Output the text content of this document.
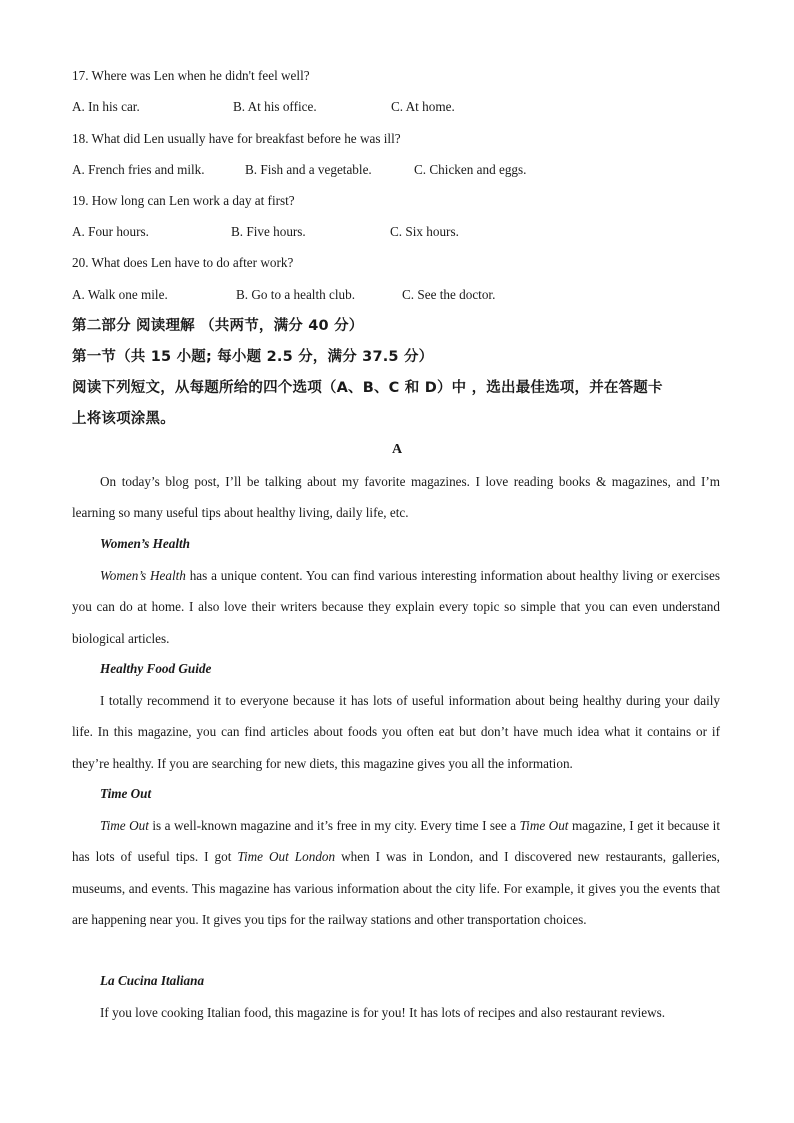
17. Where was Len when he didn't feel well?
A. In his car.	B. At his office.	C. At home.
18. What did Len usually have for breakfast before he was ill?
A. French fries and milk.	B. Fish and a vegetable.	C. Chicken and eggs.
19. How long can Len work a day at first?
A. Four hours.	B. Five hours.	C. Six hours.
20. What does Len have to do after work?
A. Walk one mile.	B. Go to a health club.	C. See the doctor.
第二部分 阅读理解 （共两节，满分 40 分）
第一节（共 15 小题; 每小题 2.5 分，满分 37.5 分）
阅读下列短文，从每题所给的四个选项（A、B、C 和 D）中 ，选出最佳选项，并在答题卡
上将该项涂黑。
A

On today’s blog post, I’ll be talking about my favorite magazines. I love reading books & magazines, and I’m learning so many useful tips about healthy living, daily life, etc.

Women’s Health

Women’s Health has a unique content. You can find various interesting information about healthy living or exercises you can do at home. I also love their writers because they explain every topic so simple that you can even understand biological articles.

Healthy Food Guide

I totally recommend it to everyone because it has lots of useful information about being healthy during your daily life. In this magazine, you can find articles about foods you often eat but don’t have much idea what it contains or if they’re healthy. If you are searching for new diets, this magazine gives you all the information.

Time Out

Time Out is a well-known magazine and it’s free in my city. Every time I see a Time Out magazine, I get it because it has lots of useful tips. I got Time Out London when I was in London, and I discovered new restaurants, galleries, museums, and events. This magazine has various information about the city life. For example, it gives you the events that are happening near you. It gives you tips for the railway stations and other transportation choices.

La Cucina Italiana

If you love cooking Italian food, this magazine is for you! It has lots of recipes and also restaurant reviews.
